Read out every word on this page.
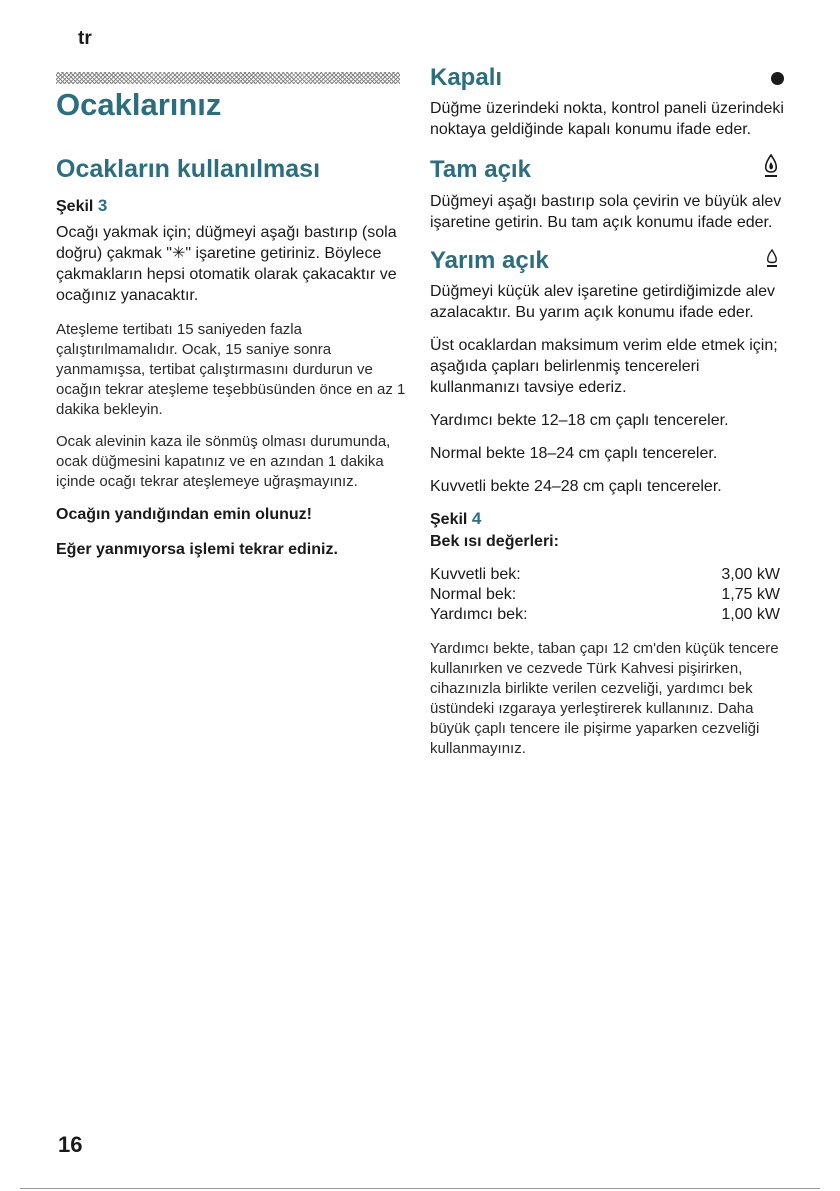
tr
Ocaklarınız
Ocakların kullanılması
Şekil 3

Ocağı yakmak için; düğmeyi aşağı bastırıp (sola doğru) çakmak "✳" işaretine getiriniz. Böylece çakmakların hepsi otomatik olarak çakacaktır ve ocağınız yanacaktır.

Ateşleme tertibatı 15 saniyeden fazla çalıştırılmamalıdır. Ocak, 15 saniye sonra yanmamışsa, tertibat çalıştırmasını durdurun ve ocağın tekrar ateşleme teşebbüsünden önce en az 1 dakika bekleyin.

Ocak alevinin kaza ile sönmüş olması durumunda, ocak düğmesini kapatınız ve en azından 1 dakika içinde ocağı tekrar ateşlemeye uğraşmayınız.

Ocağın yandığından emin olunuz!

Eğer yanmıyorsa işlemi tekrar ediniz.

Kapalı

Düğme üzerindeki nokta, kontrol paneli üzerindeki noktaya geldiğinde kapalı konumu ifade eder.

Tam açık

Düğmeyi aşağı bastırıp sola çevirin ve büyük alev işaretine getirin. Bu tam açık konumu ifade eder.

Yarım açık

Düğmeyi küçük alev işaretine getirdiğimizde alev azalacaktır. Bu yarım açık konumu ifade eder.

Üst ocaklardan maksimum verim elde etmek için; aşağıda çapları belirlenmiş tencereleri kullanmanızı tavsiye ederiz.

Yardımcı bekte 12–18 cm çaplı tencereler.

Normal bekte 18–24 cm çaplı tencereler.

Kuvvetli bekte 24–28 cm çaplı tencereler.

Şekil 4
Bek ısı değerleri:
Kuvvetli bek:	3,00 kW
Normal bek:	1,75 kW
Yardımcı bek:	1,00 kW

Yardımcı bekte, taban çapı 12 cm'den küçük tencere kullanırken ve cezvede Türk Kahvesi pişirirken, cihazınızla birlikte verilen cezveliği, yardımcı bek üstündeki ızgaraya yerleştirerek kullanınız. Daha büyük çaplı tencere ile pişirme yaparken cezveliği kullanmayınız.

16
